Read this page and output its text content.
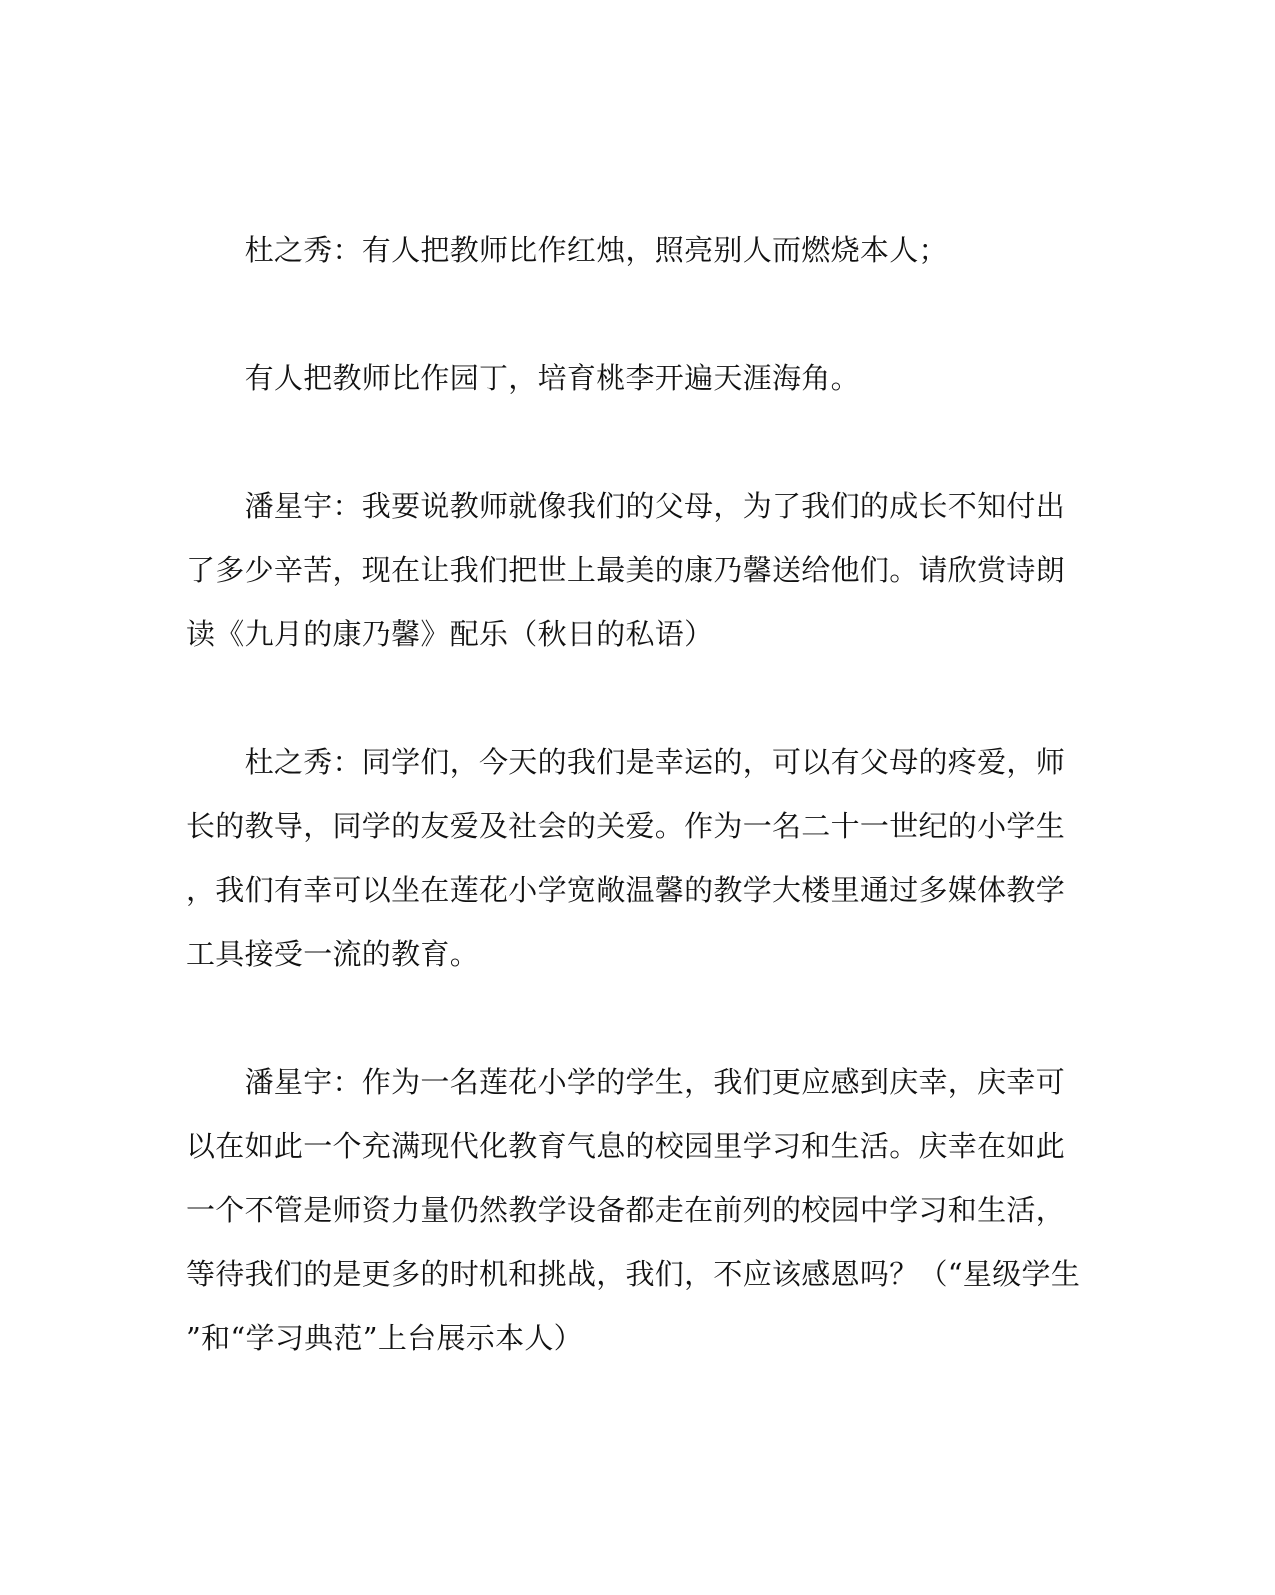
　　杜之秀：有人把教师比作红烛，照亮别人而燃烧本人；
　　有人把教师比作园丁，培育桃李开遍天涯海角。
　　潘星宇：我要说教师就像我们的父母，为了我们的成长不知付出
了多少辛苦，现在让我们把世上最美的康乃馨送给他们。请欣赏诗朗
读《九月的康乃馨》配乐（秋日的私语）
　　杜之秀：同学们，今天的我们是幸运的，可以有父母的疼爱，师
长的教导，同学的友爱及社会的关爱。作为一名二十一世纪的小学生
，我们有幸可以坐在莲花小学宽敞温馨的教学大楼里通过多媒体教学
工具接受一流的教育。
　　潘星宇：作为一名莲花小学的学生，我们更应感到庆幸，庆幸可
以在如此一个充满现代化教育气息的校园里学习和生活。庆幸在如此
一个不管是师资力量仍然教学设备都走在前列的校园中学习和生活，
等待我们的是更多的时机和挑战，我们，不应该感恩吗？（“星级学生
”和“学习典范”上台展示本人）
